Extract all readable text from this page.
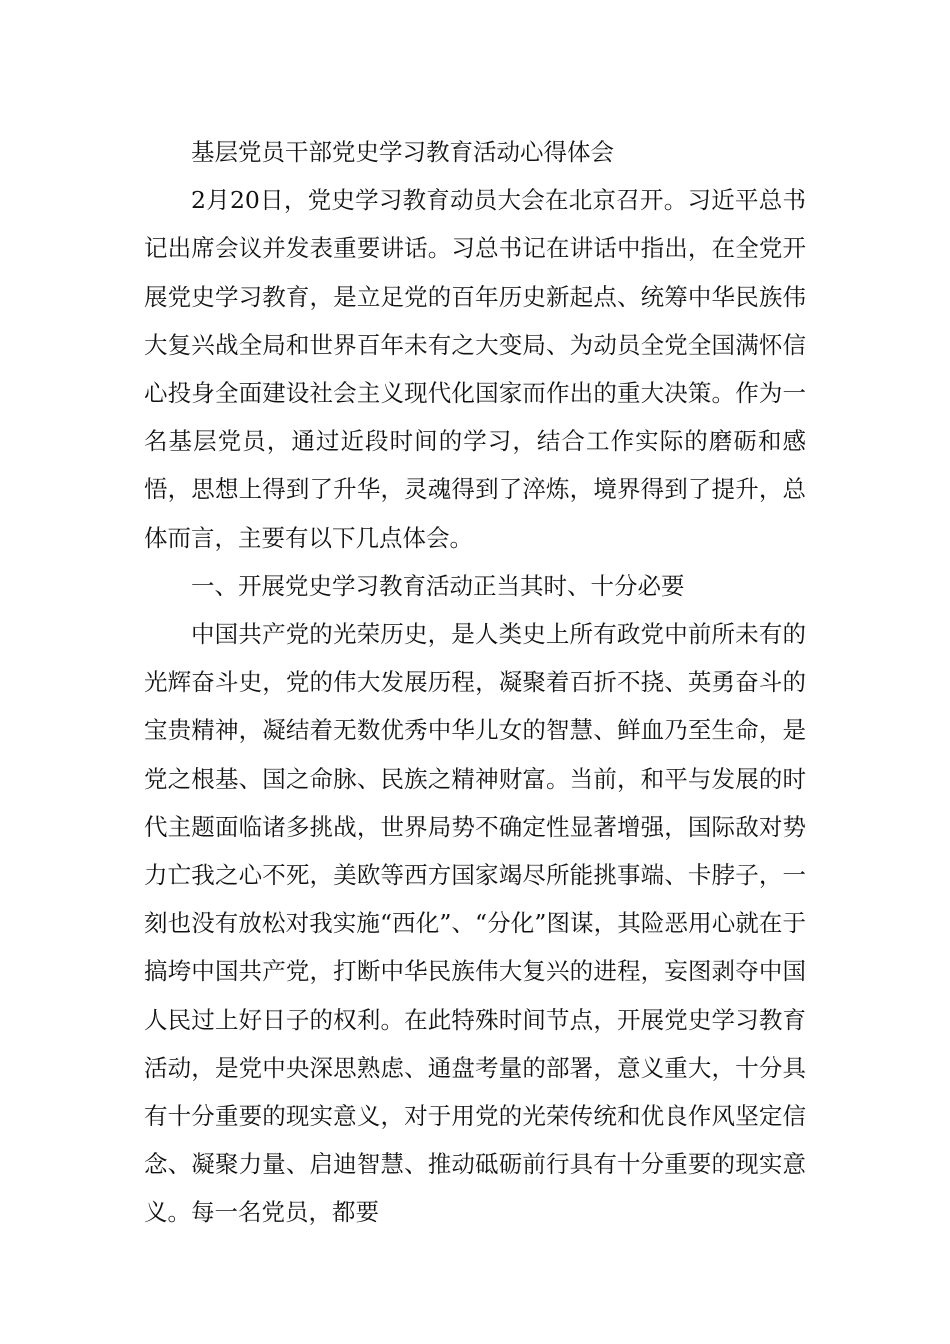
基层党员干部党史学习教育活动心得体会

2月20日，党史学习教育动员大会在北京召开。习近平总书记出席会议并发表重要讲话。习总书记在讲话中指出，在全党开展党史学习教育，是立足党的百年历史新起点、统筹中华民族伟大复兴战全局和世界百年未有之大变局、为动员全党全国满怀信心投身全面建设社会主义现代化国家而作出的重大决策。作为一名基层党员，通过近段时间的学习，结合工作实际的磨砺和感悟，思想上得到了升华，灵魂得到了淬炼，境界得到了提升，总体而言，主要有以下几点体会。

一、开展党史学习教育活动正当其时、十分必要

中国共产党的光荣历史，是人类史上所有政党中前所未有的光辉奋斗史，党的伟大发展历程，凝聚着百折不挠、英勇奋斗的宝贵精神，凝结着无数优秀中华儿女的智慧、鲜血乃至生命，是党之根基、国之命脉、民族之精神财富。当前，和平与发展的时代主题面临诸多挑战，世界局势不确定性显著增强，国际敌对势力亡我之心不死，美欧等西方国家竭尽所能挑事端、卡脖子，一刻也没有放松对我实施“西化”、“分化”图谋，其险恶用心就在于搞垮中国共产党，打断中华民族伟大复兴的进程，妄图剥夺中国人民过上好日子的权利。在此特殊时间节点，开展党史学习教育活动，是党中央深思熟虑、通盘考量的部署，意义重大，十分具有十分重要的现实意义，对于用党的光荣传统和优良作风坚定信念、凝聚力量、启迪智慧、推动砥砺前行具有十分重要的现实意义。每一名党员，都要
